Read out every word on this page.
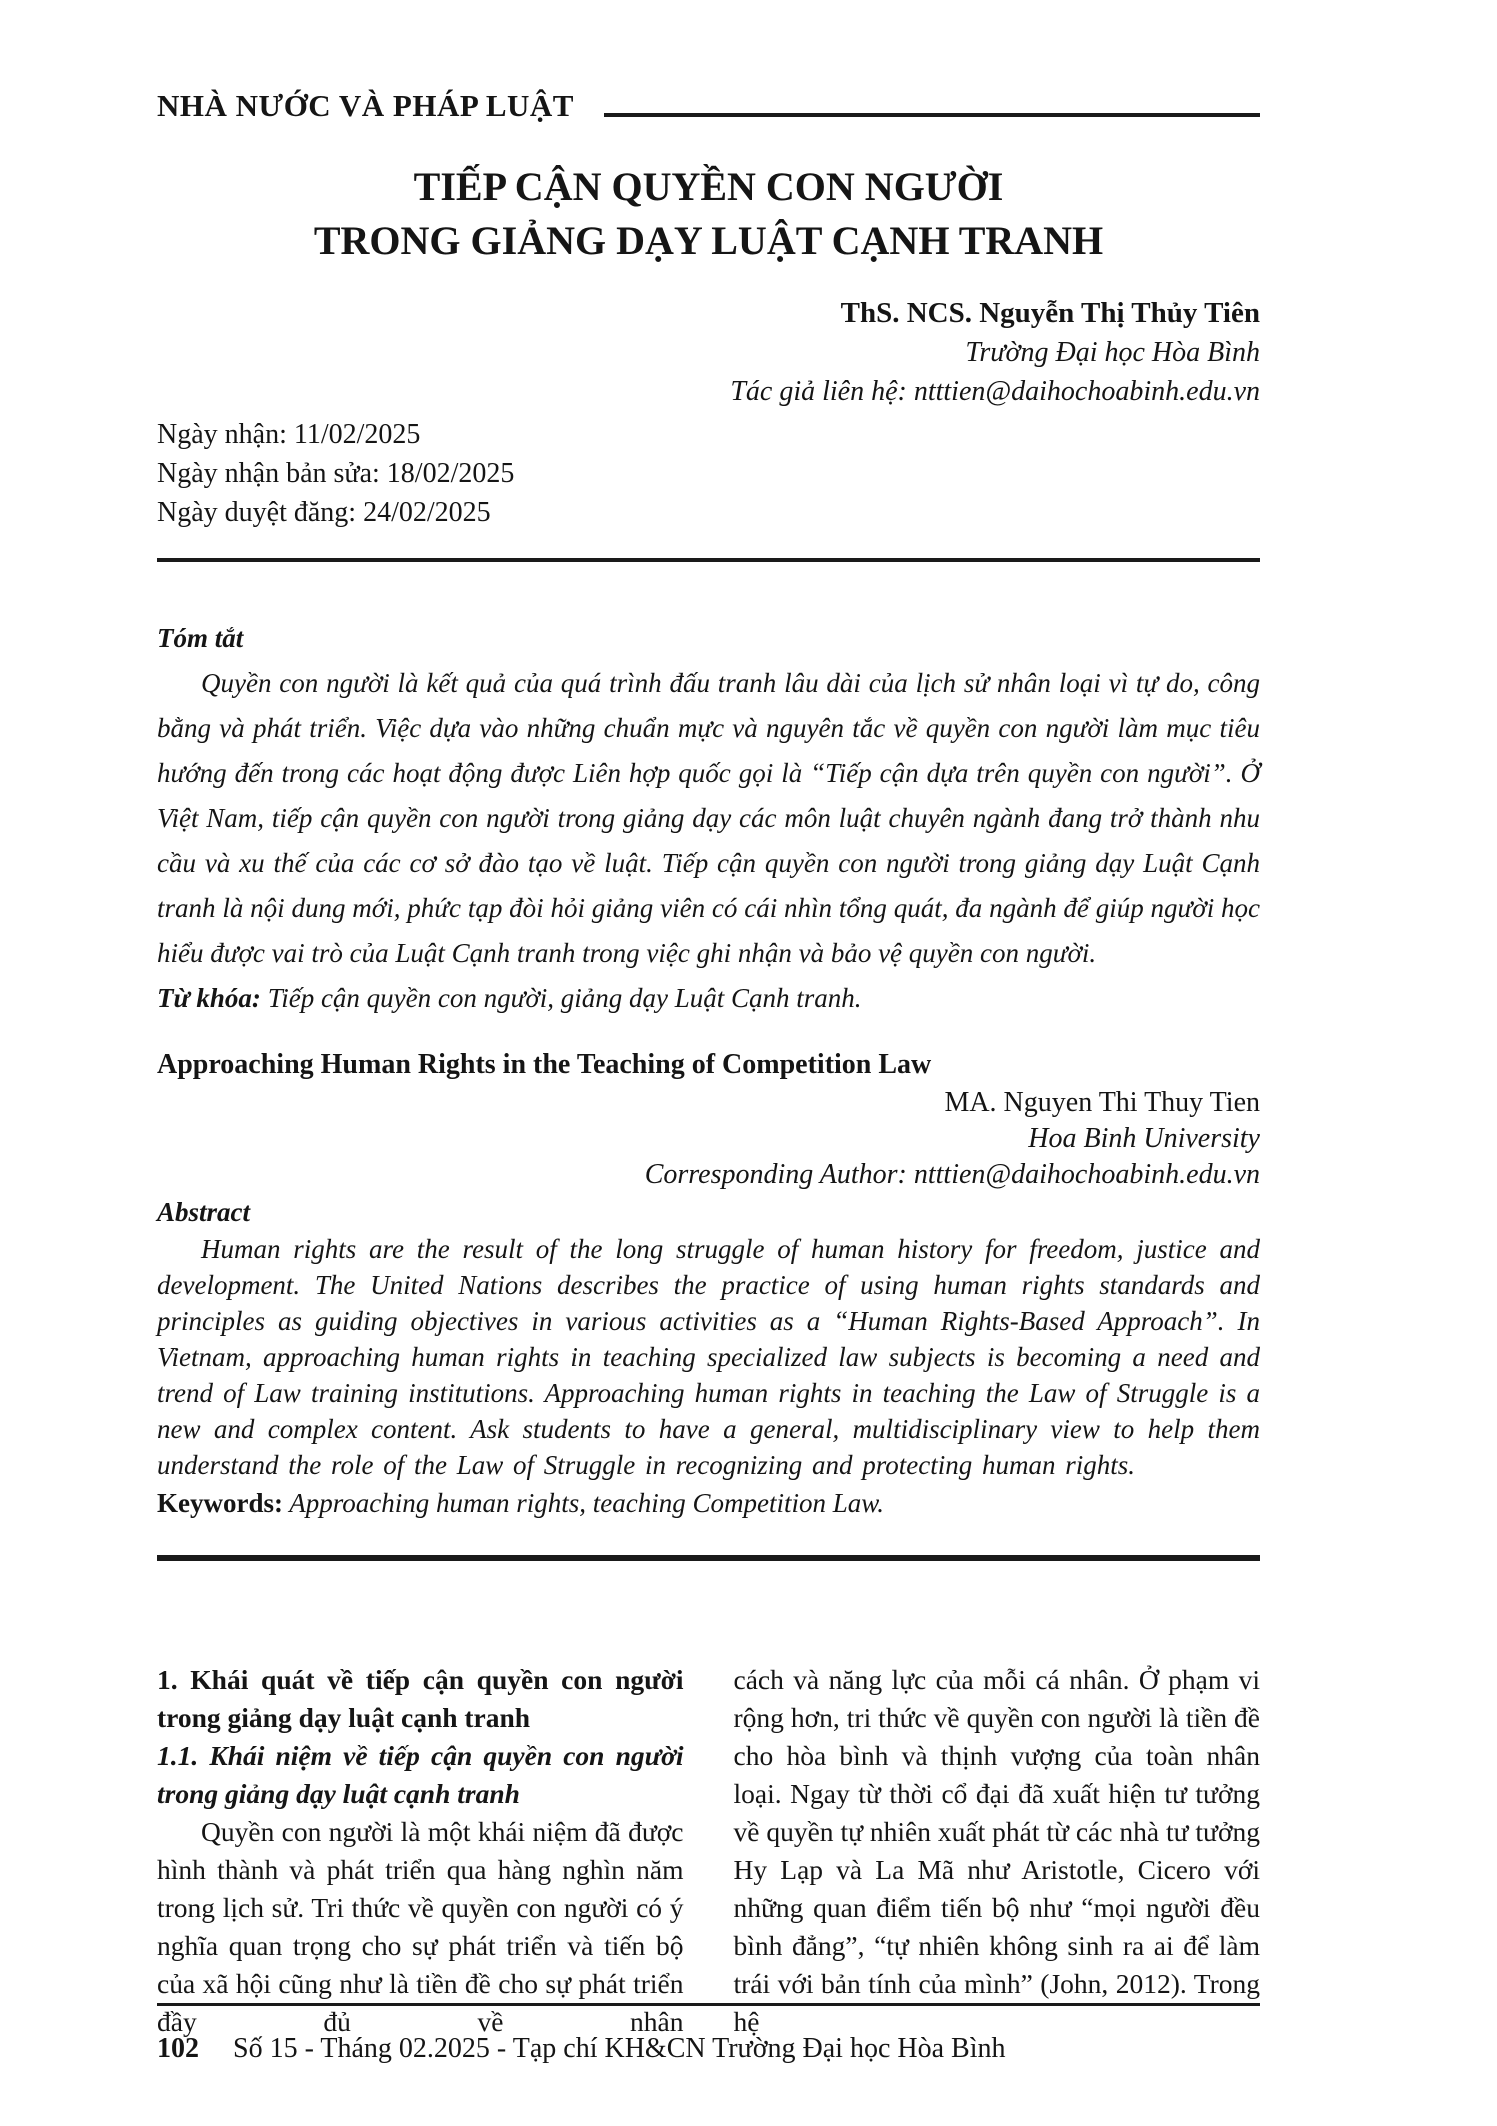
NHÀ NƯỚC VÀ PHÁP LUẬT
TIẾP CẬN QUYỀN CON NGƯỜI
TRONG GIẢNG DẠY LUẬT CẠNH TRANH
ThS. NCS. Nguyễn Thị Thủy Tiên
Trường Đại học Hòa Bình
Tác giả liên hệ: ntttien@daihochoabinh.edu.vn
Ngày nhận: 11/02/2025
Ngày nhận bản sửa: 18/02/2025
Ngày duyệt đăng: 24/02/2025
Tóm tắt

Quyền con người là kết quả của quá trình đấu tranh lâu dài của lịch sử nhân loại vì tự do, công bằng và phát triển. Việc dựa vào những chuẩn mực và nguyên tắc về quyền con người làm mục tiêu hướng đến trong các hoạt động được Liên hợp quốc gọi là “Tiếp cận dựa trên quyền con người”. Ở Việt Nam, tiếp cận quyền con người trong giảng dạy các môn luật chuyên ngành đang trở thành nhu cầu và xu thế của các cơ sở đào tạo về luật. Tiếp cận quyền con người trong giảng dạy Luật Cạnh tranh là nội dung mới, phức tạp đòi hỏi giảng viên có cái nhìn tổng quát, đa ngành để giúp người học hiểu được vai trò của Luật Cạnh tranh trong việc ghi nhận và bảo vệ quyền con người.

Từ khóa: Tiếp cận quyền con người, giảng dạy Luật Cạnh tranh.
Approaching Human Rights in the Teaching of Competition Law
MA. Nguyen Thi Thuy Tien
Hoa Binh University
Corresponding Author: ntttien@daihochoabinh.edu.vn
Abstract

Human rights are the result of the long struggle of human history for freedom, justice and development. The United Nations describes the practice of using human rights standards and principles as guiding objectives in various activities as a “Human Rights-Based Approach”. In Vietnam, approaching human rights in teaching specialized law subjects is becoming a need and trend of Law training institutions. Approaching human rights in teaching the Law of Struggle is a new and complex content. Ask students to have a general, multidisciplinary view to help them understand the role of the Law of Struggle in recognizing and protecting human rights.

Keywords: Approaching human rights, teaching Competition Law.
1. Khái quát về tiếp cận quyền con người trong giảng dạy luật cạnh tranh
1.1. Khái niệm về tiếp cận quyền con người trong giảng dạy luật cạnh tranh

Quyền con người là một khái niệm đã được hình thành và phát triển qua hàng nghìn năm trong lịch sử. Tri thức về quyền con người có ý nghĩa quan trọng cho sự phát triển và tiến bộ của xã hội cũng như là tiền đề cho sự phát triển đầy đủ về nhân

cách và năng lực của mỗi cá nhân. Ở phạm vi rộng hơn, tri thức về quyền con người là tiền đề cho hòa bình và thịnh vượng của toàn nhân loại. Ngay từ thời cổ đại đã xuất hiện tư tưởng về quyền tự nhiên xuất phát từ các nhà tư tưởng Hy Lạp và La Mã như Aristotle, Cicero với những quan điểm tiến bộ như “mọi người đều bình đẳng”, “tự nhiên không sinh ra ai để làm trái với bản tính của mình” (John, 2012). Trong hệ

102 Số 15 - Tháng 02.2025 - Tạp chí KH&CN Trường Đại học Hòa Bình
